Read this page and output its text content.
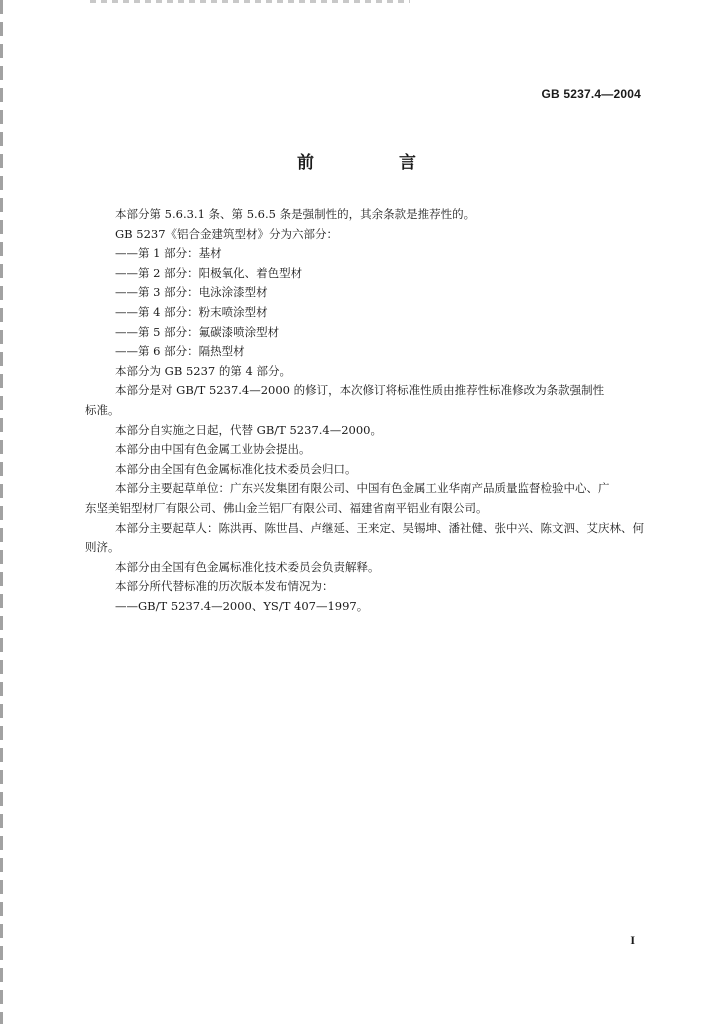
GB 5237.4—2004
前　言
本部分第 5.6.3.1 条、第 5.6.5 条是强制性的，其余条款是推荐性的。
GB 5237《铝合金建筑型材》分为六部分：
——第 1 部分：基材
——第 2 部分：阳极氧化、着色型材
——第 3 部分：电泳涂漆型材
——第 4 部分：粉末喷涂型材
——第 5 部分：氟碳漆喷涂型材
——第 6 部分：隔热型材
本部分为 GB 5237 的第 4 部分。
本部分是对 GB/T 5237.4—2000 的修订，本次修订将标准性质由推荐性标准修改为条款强制性
标准。
本部分自实施之日起，代替 GB/T 5237.4—2000。
本部分由中国有色金属工业协会提出。
本部分由全国有色金属标准化技术委员会归口。
本部分主要起草单位：广东兴发集团有限公司、中国有色金属工业华南产品质量监督检验中心、广
东坚美铝型材厂有限公司、佛山金兰铝厂有限公司、福建省南平铝业有限公司。
本部分主要起草人：陈洪再、陈世昌、卢继延、王来定、吴锡坤、潘社健、张中兴、陈文泗、艾庆林、何
则济。
本部分由全国有色金属标准化技术委员会负责解释。
本部分所代替标准的历次版本发布情况为：
——GB/T 5237.4—2000、YS/T 407—1997。
I
